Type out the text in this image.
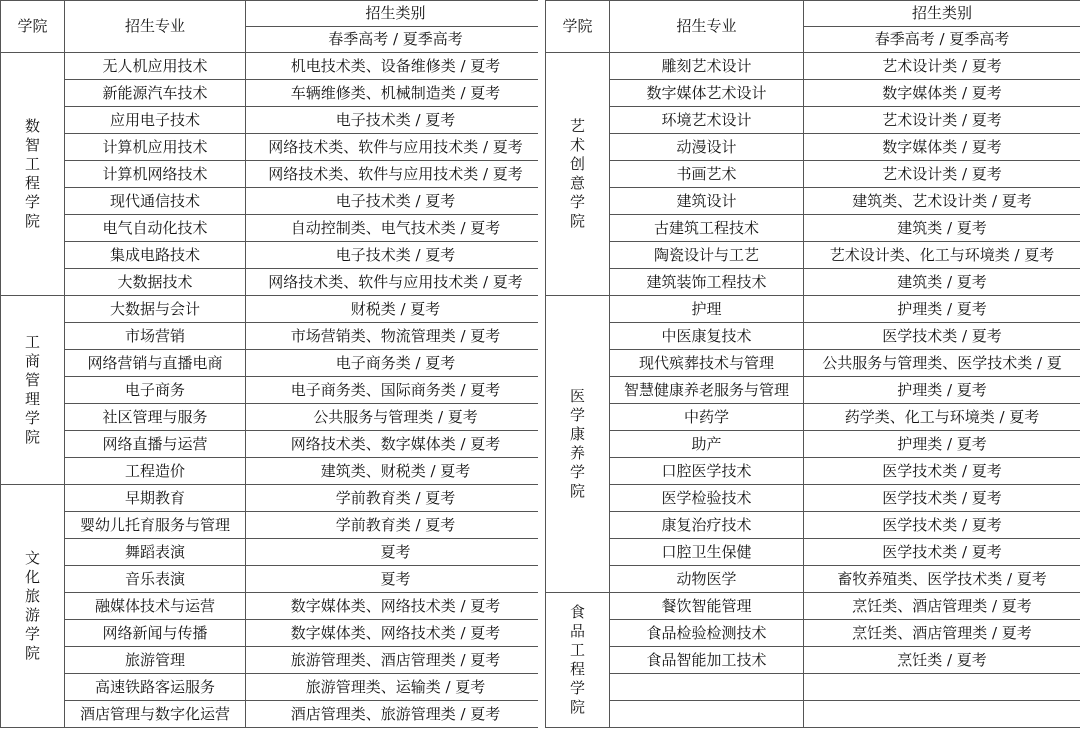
学院	招生专业	招生类别
		春季高考 / 夏季高考
数智工程学院	无人机应用技术	机电技术类、设备维修类 / 夏考
	新能源汽车技术	车辆维修类、机械制造类 / 夏考
	应用电子技术	电子技术类 / 夏考
	计算机应用技术	网络技术类、软件与应用技术类 / 夏考
	计算机网络技术	网络技术类、软件与应用技术类 / 夏考
	现代通信技术	电子技术类 / 夏考
	电气自动化技术	自动控制类、电气技术类 / 夏考
	集成电路技术	电子技术类 / 夏考
	大数据技术	网络技术类、软件与应用技术类 / 夏考
工商管理学院	大数据与会计	财税类 / 夏考
	市场营销	市场营销类、物流管理类 / 夏考
	网络营销与直播电商	电子商务类 / 夏考
	电子商务	电子商务类、国际商务类 / 夏考
	社区管理与服务	公共服务与管理类 / 夏考
	网络直播与运营	网络技术类、数字媒体类 / 夏考
	工程造价	建筑类、财税类 / 夏考
文化旅游学院	早期教育	学前教育类 / 夏考
	婴幼儿托育服务与管理	学前教育类 / 夏考
	舞蹈表演	夏考
	音乐表演	夏考
	融媒体技术与运营	数字媒体类、网络技术类 / 夏考
	网络新闻与传播	数字媒体类、网络技术类 / 夏考
	旅游管理	旅游管理类、酒店管理类 / 夏考
	高速铁路客运服务	旅游管理类、运输类 / 夏考
	酒店管理与数字化运营	酒店管理类、旅游管理类 / 夏考
学院	招生专业	招生类别
		春季高考 / 夏季高考
艺术创意学院	雕刻艺术设计	艺术设计类 / 夏考
	数字媒体艺术设计	数字媒体类 / 夏考
	环境艺术设计	艺术设计类 / 夏考
	动漫设计	数字媒体类 / 夏考
	书画艺术	艺术设计类 / 夏考
	建筑设计	建筑类、艺术设计类 / 夏考
	古建筑工程技术	建筑类 / 夏考
	陶瓷设计与工艺	艺术设计类、化工与环境类 / 夏考
	建筑装饰工程技术	建筑类 / 夏考
医学康养学院	护理	护理类 / 夏考
	中医康复技术	医学技术类 / 夏考
	现代殡葬技术与管理	公共服务与管理类、医学技术类 / 夏
	智慧健康养老服务与管理	护理类 / 夏考
	中药学	药学类、化工与环境类 / 夏考
	助产	护理类 / 夏考
	口腔医学技术	医学技术类 / 夏考
	医学检验技术	医学技术类 / 夏考
	康复治疗技术	医学技术类 / 夏考
	口腔卫生保健	医学技术类 / 夏考
	动物医学	畜牧养殖类、医学技术类 / 夏考
食品工程学院	餐饮智能管理	烹饪类、酒店管理类 / 夏考
	食品检验检测技术	烹饪类、酒店管理类 / 夏考
	食品智能加工技术	烹饪类 / 夏考
